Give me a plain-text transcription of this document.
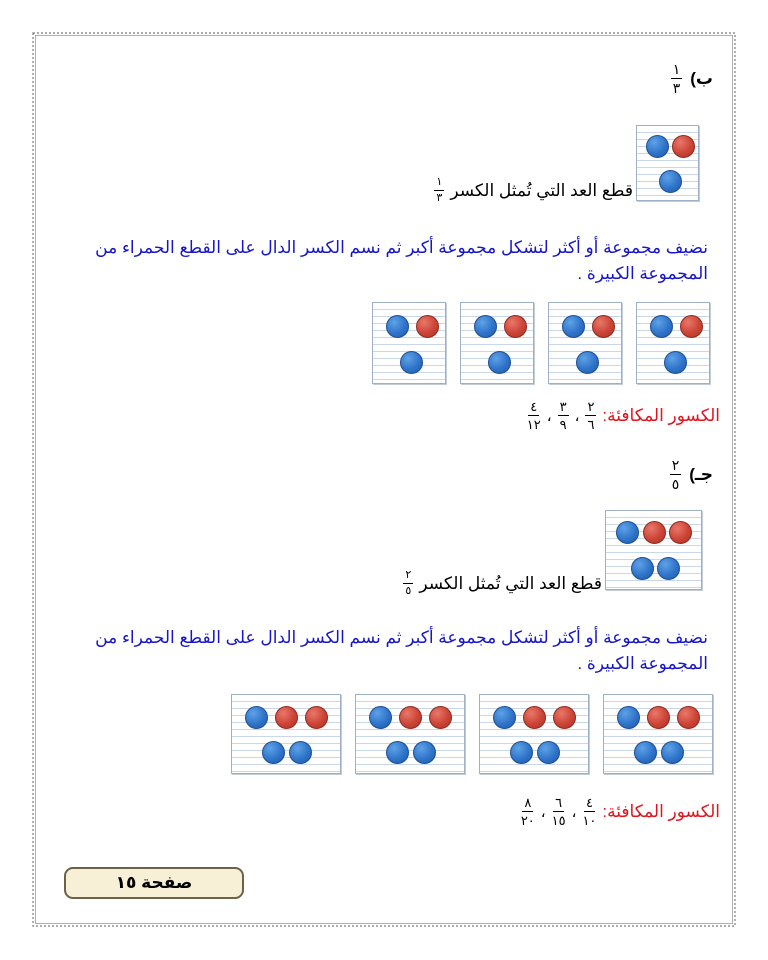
ب)
$\frac{١}{٣}$
قطع العد التي تُمثل الكسر
$\frac{١}{٣}$
نضيف مجموعة أو أكثر لتشكل مجموعة أكبر ثم نسم الكسر الدال على القطع الحمراء من المجموعة الكبيرة .
الكسور المكافئة:
$\frac{٢}{٦}$
،
$\frac{٣}{٩}$
،
$\frac{٤}{١٢}$
جـ)
$\frac{٢}{٥}$
قطع العد التي تُمثل الكسر
$\frac{٢}{٥}$
نضيف مجموعة أو أكثر لتشكل مجموعة أكبر ثم نسم الكسر الدال على القطع الحمراء من المجموعة الكبيرة .
الكسور المكافئة:
$\frac{٤}{١٠}$
،
$\frac{٦}{١٥}$
،
$\frac{٨}{٢٠}$
صفحة ١٥
